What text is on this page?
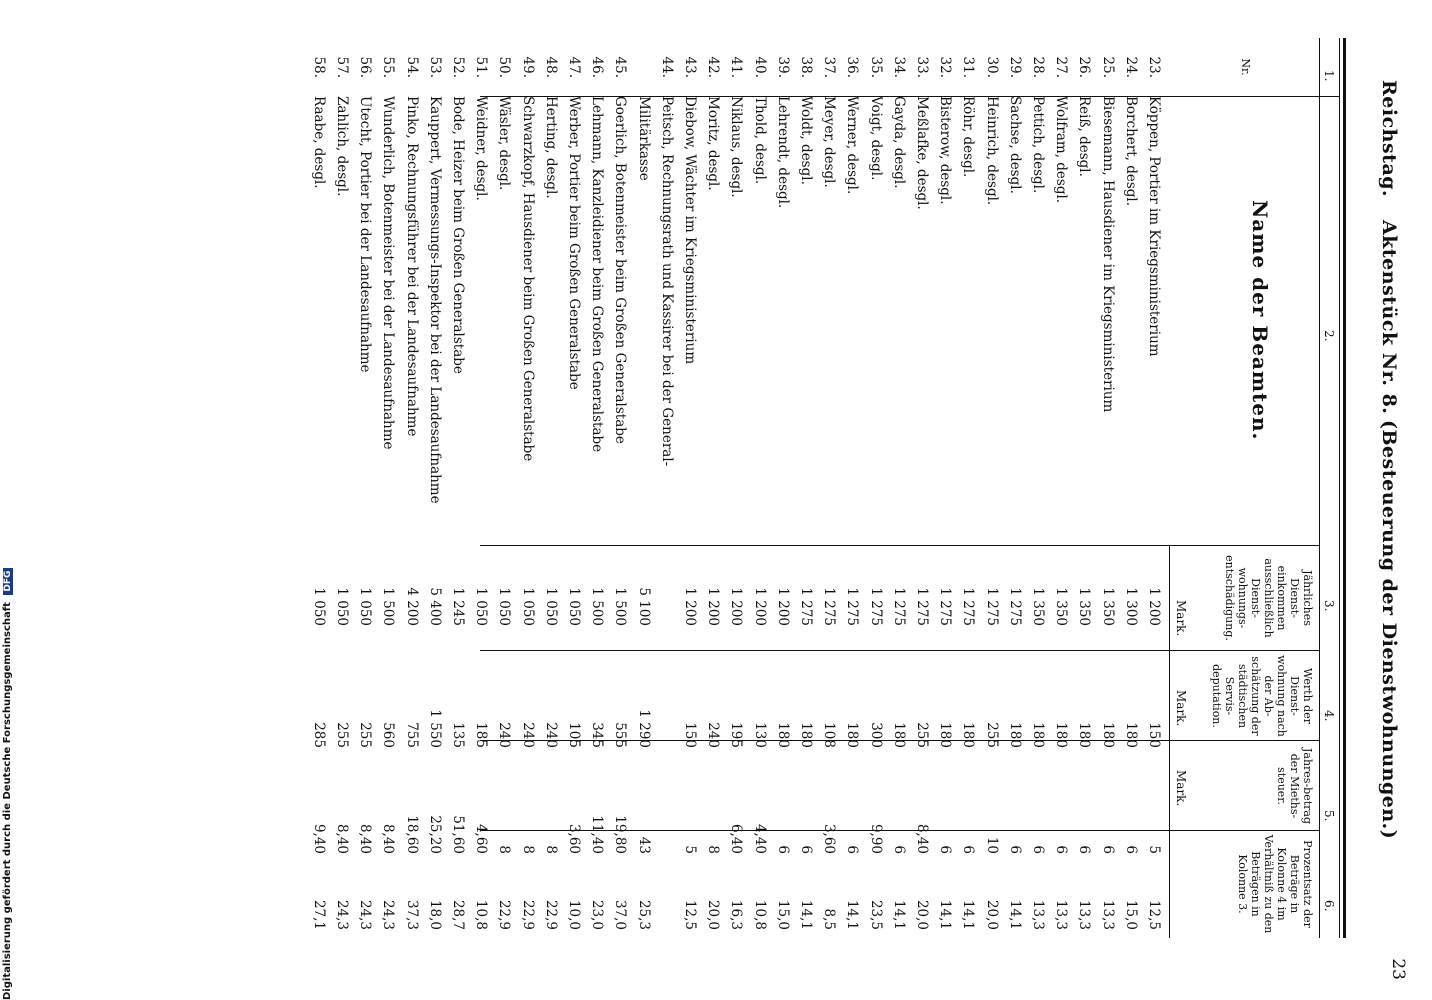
Reichstag.
Aktenstück Nr. 8.
(Besteuerung der Dienstwohnungen.)
23
1.
2.
3.
4.
5.
6.
Nr.
Name der Beamten.
Jährliches Dienst-einkommen ausschließlich Dienst-wohnungs-entschädigung.
Mark.
Werth der Dienst-wohnung nach der Ab-schätzung der städtischen Servis-deputation.
Mark.
Jahres-betrag der Mieths-steuer.
Mark.
Prozentsatz der Beträge in Kolonne 4 im Verhältniß zu den Beträgen in Kolonne 3.
23.
Köppen, Portier im Kriegsministerium
1 200
150
5
12,5
24.
Borchert, desgl.
1 300
180
6
15,0
25.
Biesemann, Hausdiener im Kriegsministerium
1 350
180
6
13,3
26.
Reiß, desgl.
1 350
180
6
13,3
27.
Wolfram, desgl.
1 350
180
6
13,3
28.
Pettich, desgl.
1 350
180
6
13,3
29.
Sachse, desgl.
1 275
180
6
14,1
30.
Heinrich, desgl.
1 275
255
10
20,0
31.
Röhr, desgl.
1 275
180
6
14,1
32.
Bisterow, desgl.
1 275
180
6
14,1
33.
Meßlafke, desgl.
1 275
255
8,40
20,0
34.
Gayda, desgl.
1 275
180
6
14,1
35.
Voigt, desgl.
1 275
300
9,90
23,5
36.
Werner, desgl.
1 275
180
6
14,1
37.
Meyer, desgl.
1 275
108
3,60
8,5
38.
Woldt, desgl.
1 275
180
6
14,1
39.
Lehrendt, desgl.
1 200
180
6
15,0
40.
Thold, desgl.
1 200
130
4,40
10,8
41.
Niklaus, desgl.
1 200
195
6,40
16,3
42.
Moritz, desgl.
1 200
240
8
20,0
43.
Diebow, Wächter im Kriegsministerium
1 200
150
5
12,5
44.
Peitsch, Rechnungsrath und Kassirer bei der General-
Militärkasse
5 100
1 290
43
25,3
45.
Goerlich, Botenmeister beim Großen Generalstabe
1 500
555
19,80
37,0
46.
Lehmann, Kanzleidiener beim Großen Generalstabe
1 500
345
11,40
23,0
47.
Werber, Portier beim Großen Generalstabe
1 050
105
3,60
10,0
48.
Herting, desgl.
1 050
240
8
22,9
49.
Schwarzkopf, Hausdiener beim Großen Generalstabe
1 050
240
8
22,9
50.
Wäsler, desgl.
1 050
240
8
22,9
51.
Weidner, desgl.
1 050
185
4,60
10,8
52.
Bode, Heizer beim Großen Generalstabe
1 245
135
51,60
28,7
53.
Kauppert, Vermessungs-Inspektor bei der Landesaufnahme
5 400
1 550
25,20
18,0
54.
Pinko, Rechnungsführer bei der Landesaufnahme
4 200
755
18,60
37,3
55.
Wunderlich, Botenmeister bei der Landesaufnahme
1 500
560
8,40
24,3
56.
Utecht, Portier bei der Landesaufnahme
1 050
255
8,40
24,3
57.
Zahlich, desgl.
1 050
255
8,40
24,3
58.
Raabe, desgl.
1 050
285
9,40
27,1
Digitalisierung gefördert durch die Deutsche Forschungsgemeinschaft DFG
